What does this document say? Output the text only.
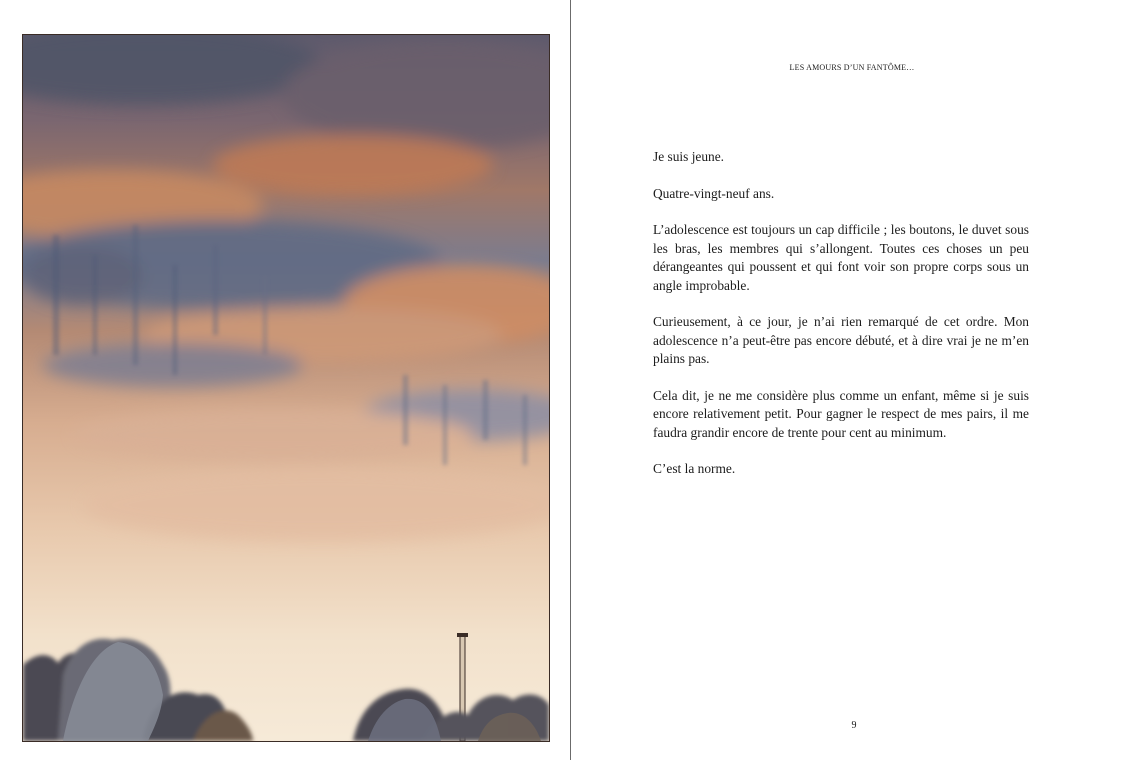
LES AMOURS D’UN FANTÔME…

Je suis jeune.

Quatre-vingt-neuf ans.

L’adolescence est toujours un cap difficile ; les boutons, le duvet sous les bras, les membres qui s’allongent. Toutes ces choses un peu dérangeantes qui poussent et qui font voir son propre corps sous un angle improbable.

Curieusement, à ce jour, je n’ai rien remarqué de cet ordre. Mon adolescence n’a peut-être pas encore débuté, et à dire vrai je ne m’en plains pas.

Cela dit, je ne me considère plus comme un enfant, même si je suis encore relativement petit. Pour gagner le respect de mes pairs, il me faudra grandir encore de trente pour cent au minimum.

C’est la norme.

9
